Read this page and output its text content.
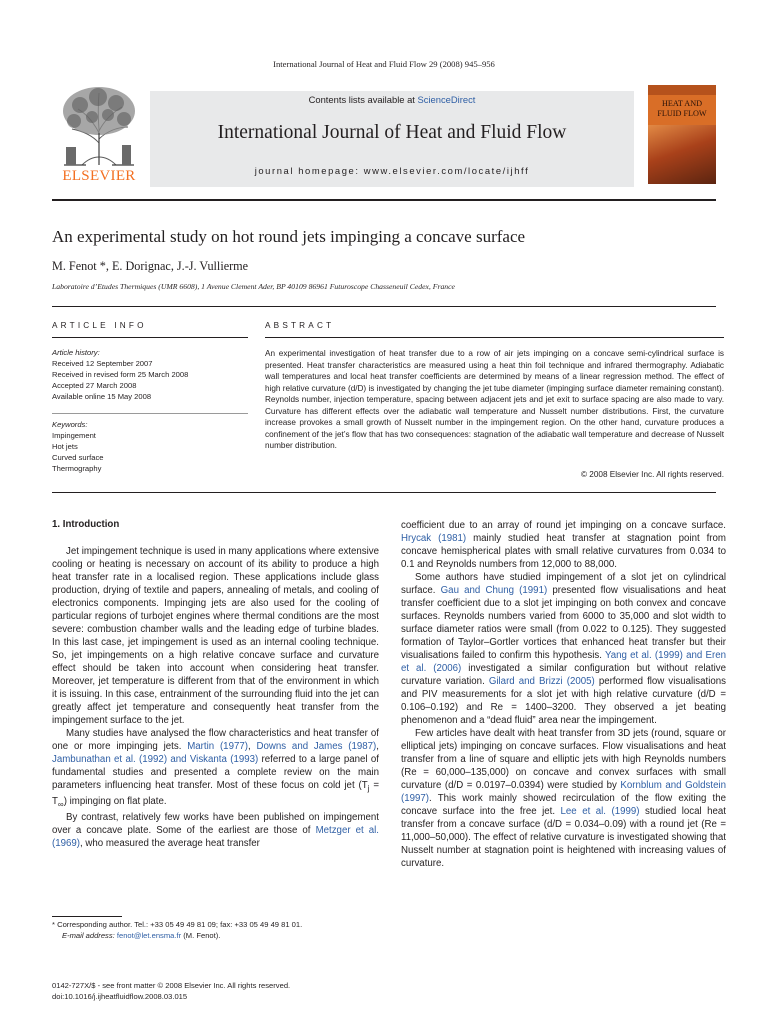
International Journal of Heat and Fluid Flow 29 (2008) 945–956
ELSEVIER
Contents lists available at ScienceDirect
International Journal of Heat and Fluid Flow
journal homepage: www.elsevier.com/locate/ijhff
HEAT AND
FLUID FLOW
An experimental study on hot round jets impinging a concave surface
M. Fenot *, E. Dorignac, J.-J. Vullierme
Laboratoire d’Etudes Thermiques (UMR 6608), 1 Avenue Clement Ader, BP 40109 86961 Futuroscope Chasseneuil Cedex, France
ARTICLE INFO
Article history:
Received 12 September 2007
Received in revised form 25 March 2008
Accepted 27 March 2008
Available online 15 May 2008
Keywords:
Impingement
Hot jets
Curved surface
Thermography
ABSTRACT
An experimental investigation of heat transfer due to a row of air jets impinging on a concave semi-cylindrical surface is presented. Heat transfer characteristics are measured using a heat thin foil technique and infrared thermography. Adiabatic wall temperatures and local heat transfer coefficients are determined by means of a linear regression method. The effect of high relative curvature (d/D) is investigated by changing the jet tube diameter (impinging surface diameter remaining constant). Reynolds number, injection temperature, spacing between adjacent jets and jet exit to surface spacing are also made to vary. Curvature has different effects over the adiabatic wall temperature and Nusselt number distributions. First, the curvature increase provokes a small growth of Nusselt number in the impingement region. On the other hand, curvature produces a confinement of the jet’s flow that has two consequences: stagnation of the adiabatic wall temperature and decrease of Nusselt number distribution.
© 2008 Elsevier Inc. All rights reserved.
1. Introduction

Jet impingement technique is used in many applications where extensive cooling or heating is necessary on account of its ability to produce a high heat transfer rate in a localised region. These applications include glass production, drying of textile and papers, annealing of metals, and cooling of electronics components. Impinging jets are also used for the cooling of particular regions of turbojet engines where thermal conditions are the most severe: combustion chamber walls and the leading edge of turbine blades. In this last case, jet impingement is used as an internal cooling technique. So, jet impingements on a high relative concave surface and curvature effect should be taken into account when considering heat transfer. Moreover, jet temperature is different from that of the environment in which it is issuing. In this case, entrainment of the surrounding fluid into the jet can greatly affect jet temperature and consequently heat transfer from the impingement surface to the jet.

Many studies have analysed the flow characteristics and heat transfer of one or more impinging jets. Martin (1977), Downs and James (1987), Jambunathan et al. (1992) and Viskanta (1993) referred to a large panel of fundamental studies and presented a complete review on the main parameters influencing heat transfer. Most of these focus on cold jet $(T_j = T_\infty)$ impinging on flat plate.

By contrast, relatively few works have been published on impingement over a concave plate. Some of the earliest are those of Metzger et al. (1969), who measured the average heat transfer

coefficient due to an array of round jet impinging on a concave surface. Hrycak (1981) mainly studied heat transfer at stagnation point from concave hemispherical plates with small relative curvatures from 0.034 to 0.1 and Reynolds numbers from 12,000 to 88,000.

Some authors have studied impingement of a slot jet on cylindrical surface. Gau and Chung (1991) presented flow visualisations and heat transfer coefficient due to a slot jet impinging on both convex and concave surfaces. Reynolds numbers varied from 6000 to 35,000 and slot width to surface diameter ratios were small (from 0.022 to 0.125). They suggested formation of Taylor–Gortler vortices that enhanced heat transfer but their visualisations failed to confirm this hypothesis. Yang et al. (1999) and Eren et al. (2006) investigated a similar configuration but without relative curvature variation. Gilard and Brizzi (2005) performed flow visualisations and PIV measurements for a slot jet with high relative curvature (d/D = 0.106–0.192) and Re = 1400–3200. They observed a jet beating phenomenon and a “dead fluid” area near the impingement.

Few articles have dealt with heat transfer from 3D jets (round, square or elliptical jets) impinging on concave surfaces. Flow visualisations and heat transfer from a line of square and elliptic jets with high Reynolds numbers (Re = 60,000–135,000) on concave and convex surfaces with small curvature (d/D = 0.0197–0.0394) were studied by Kornblum and Goldstein (1997). This work mainly showed recirculation of the flow exiting the concave surface into the free jet. Lee et al. (1999) studied local heat transfer from a concave surface (d/D = 0.034–0.09) with a round jet (Re = 11,000–50,000). The effect of relative curvature is investigated showing that Nusselt number at stagnation point is heightened with increasing values of curvature.

* Corresponding author. Tel.: +33 05 49 49 81 09; fax: +33 05 49 49 81 01.
E-mail address: fenot@let.ensma.fr (M. Fenot).
0142-727X/$ - see front matter © 2008 Elsevier Inc. All rights reserved.
doi:10.1016/j.ijheatfluidflow.2008.03.015
